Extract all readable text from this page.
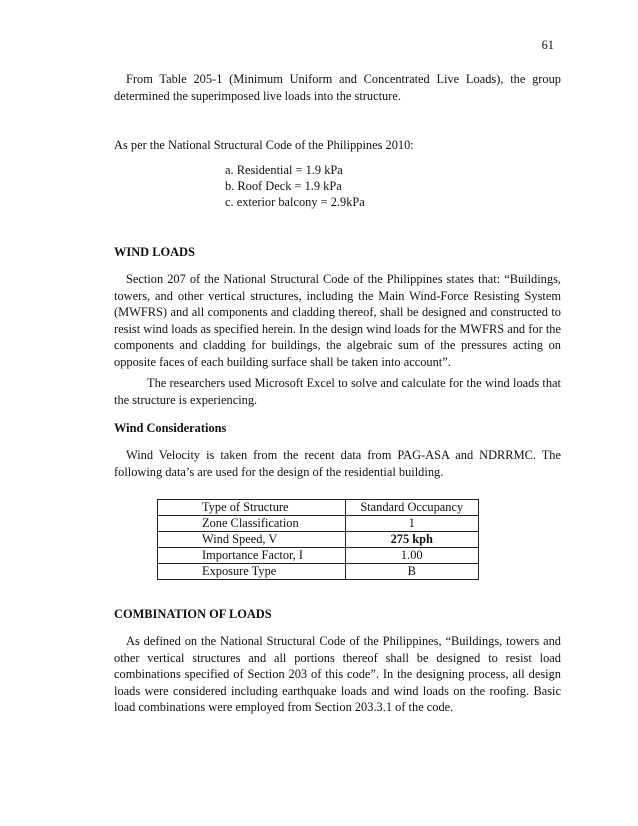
61

From Table 205-1 (Minimum Uniform and Concentrated Live Loads), the group determined the superimposed live loads into the structure.

As per the National Structural Code of the Philippines 2010:

a. Residential = 1.9 kPa
b. Roof Deck = 1.9 kPa
c. exterior balcony = 2.9kPa
WIND LOADS

Section 207 of the National Structural Code of the Philippines states that: “Buildings, towers, and other vertical structures, including the Main Wind-Force Resisting System (MWFRS) and all components and cladding thereof, shall be designed and constructed to resist wind loads as specified herein. In the design wind loads for the MWFRS and for the components and cladding for buildings, the algebraic sum of the pressures acting on opposite faces of each building surface shall be taken into account”.

The researchers used Microsoft Excel to solve and calculate for the wind loads that the structure is experiencing.

Wind Considerations

Wind Velocity is taken from the recent data from PAG-ASA and NDRRMC. The following data’s are used for the design of the residential building.

Type of Structure	Standard Occupancy
Zone Classification	1
Wind Speed, V	275 kph
Importance Factor, I	1.00
Exposure Type	B
COMBINATION OF LOADS

As defined on the National Structural Code of the Philippines, “Buildings, towers and other vertical structures and all portions thereof shall be designed to resist load combinations specified of Section 203 of this code”. In the designing process, all design loads were considered including earthquake loads and wind loads on the roofing. Basic load combinations were employed from Section 203.3.1 of the code.
